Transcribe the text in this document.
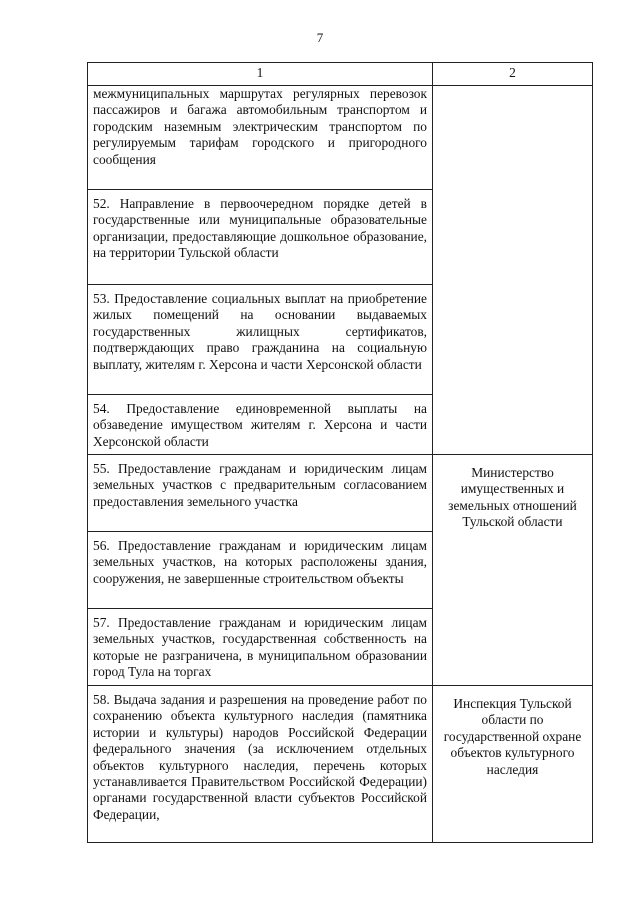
7
1	2
межмуниципальных маршрутах регулярных перевозок пассажиров и багажа автомобильным транспортом и городским наземным электрическим транспортом по регулируемым тарифам городского и пригородного сообщения	
52. Направление в первоочередном порядке детей в государственные или муниципальные образовательные организации, предоставляющие дошкольное образование, на территории Тульской области	
53. Предоставление социальных выплат на приобретение жилых помещений на основании выдаваемых государственных жилищных сертификатов, подтверждающих право гражданина на социальную выплату, жителям г. Херсона и части Херсонской области	
54. Предоставление единовременной выплаты на обзаведение имуществом жителям г. Херсона и части Херсонской области	
55. Предоставление гражданам и юридическим лицам земельных участков с предварительным согласованием предоставления земельного участка	Министерство имущественных и земельных отношений Тульской области
56. Предоставление гражданам и юридическим лицам земельных участков, на которых расположены здания, сооружения, не завершенные строительством объекты	
57. Предоставление гражданам и юридическим лицам земельных участков, государственная собственность на которые не разграничена, в муниципальном образовании город Тула на торгах	
58. Выдача задания и разрешения на проведение работ по сохранению объекта культурного наследия (памятника истории и культуры) народов Российской Федерации федерального значения (за исключением отдельных объектов культурного наследия, перечень которых устанавливается Правительством Российской Федерации) органами государственной власти субъектов Российской Федерации,	Инспекция Тульской области по государственной охране объектов культурного наследия
